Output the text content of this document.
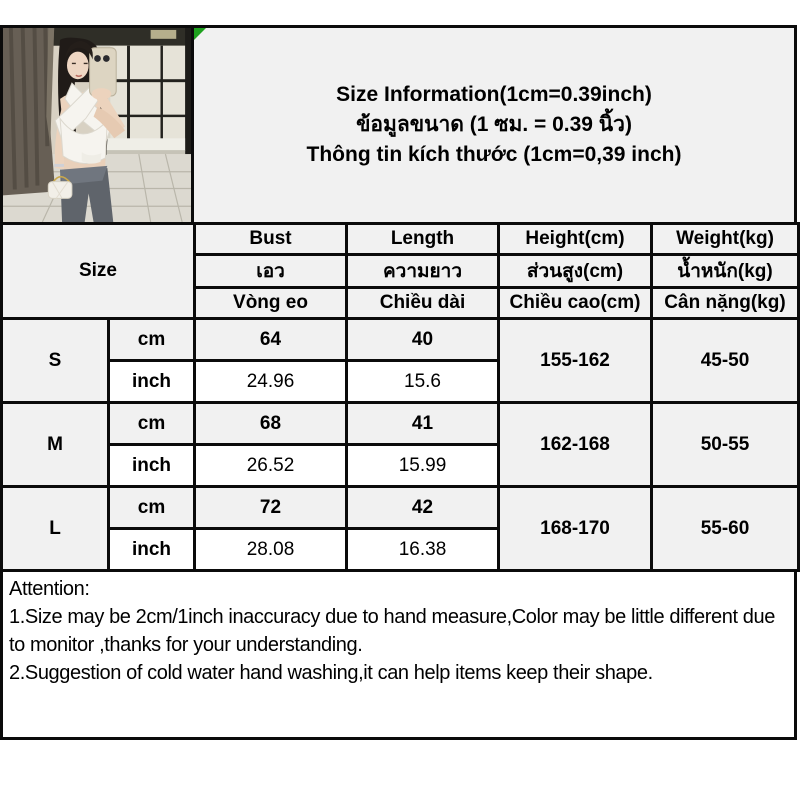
Size Information(1cm=0.39inch)
ข้อมูลขนาด (1 ซม. = 0.39 นิ้ว)
Thông tin kích thước (1cm=0,39 inch)
Size		Bust	Length	Height(cm)	Weight(kg)
		เอว	ความยาว	ส่วนสูง(cm)	น้ำหนัก(kg)
		Vòng eo	Chiều dài	Chiều cao(cm)	Cân nặng(kg)
S	cm	64	40	155-162	45-50
	inch	24.96	15.6		
M	cm	68	41	162-168	50-55
	inch	26.52	15.99		
L	cm	72	42	168-170	55-60
	inch	28.08	16.38		

Attention:

1.Size may be 2cm/1inch inaccuracy due to hand measure,Color may be little different due to monitor ,thanks for your understanding.

2.Suggestion of cold water hand washing,it can help items keep their shape.
